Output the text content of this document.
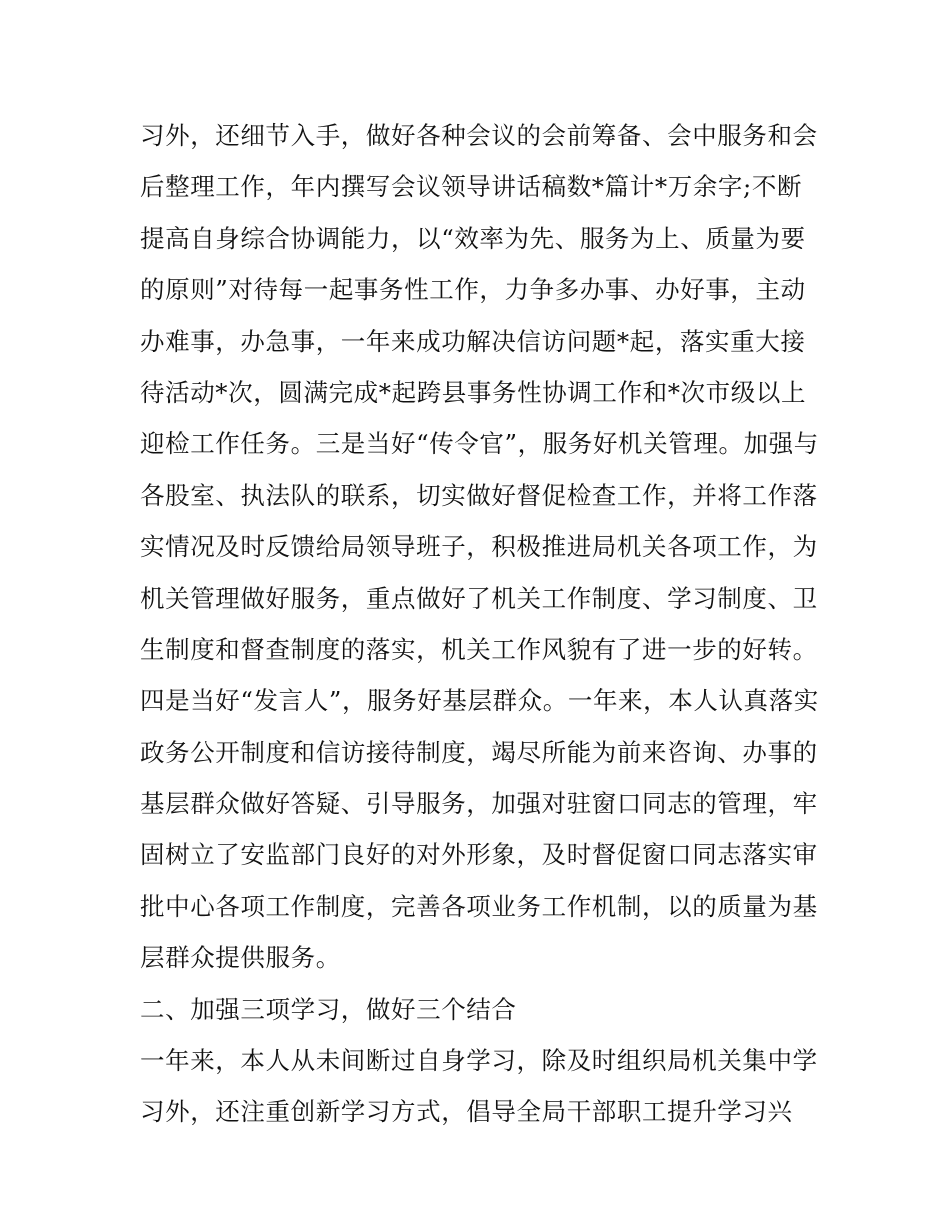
习外，还细节入手，做好各种会议的会前筹备、会中服务和会
后整理工作，年内撰写会议领导讲话稿数*篇计*万余字;不断
提高自身综合协调能力，以“效率为先、服务为上、质量为要
的原则”对待每一起事务性工作，力争多办事、办好事，主动
办难事，办急事，一年来成功解决信访问题*起，落实重大接
待活动*次，圆满完成*起跨县事务性协调工作和*次市级以上
迎检工作任务。三是当好“传令官”，服务好机关管理。加强与
各股室、执法队的联系，切实做好督促检查工作，并将工作落
实情况及时反馈给局领导班子，积极推进局机关各项工作，为
机关管理做好服务，重点做好了机关工作制度、学习制度、卫
生制度和督查制度的落实，机关工作风貌有了进一步的好转。
四是当好“发言人”，服务好基层群众。一年来，本人认真落实
政务公开制度和信访接待制度，竭尽所能为前来咨询、办事的
基层群众做好答疑、引导服务，加强对驻窗口同志的管理，牢
固树立了安监部门良好的对外形象，及时督促窗口同志落实审
批中心各项工作制度，完善各项业务工作机制，以的质量为基
层群众提供服务。
二、加强三项学习，做好三个结合
一年来，本人从未间断过自身学习，除及时组织局机关集中学
习外，还注重创新学习方式，倡导全局干部职工提升学习兴
